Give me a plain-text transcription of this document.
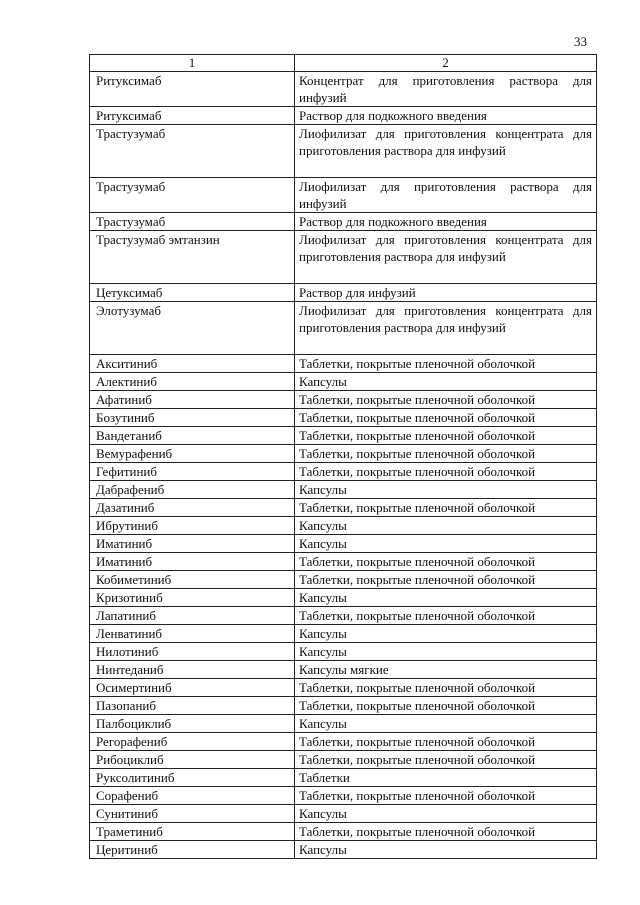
33
1	2
Ритуксимаб	Концентрат для приготовления раствора для инфузий
Ритуксимаб	Раствор для подкожного введения
Трастузумаб	Лиофилизат для приготовления концентрата для приготовления раствора для инфузий
Трастузумаб	Лиофилизат для приготовления раствора для инфузий
Трастузумаб	Раствор для подкожного введения
Трастузумаб эмтанзин	Лиофилизат для приготовления концентрата для приготовления раствора для инфузий
Цетуксимаб	Раствор для инфузий
Элотузумаб	Лиофилизат для приготовления концентрата для приготовления раствора для инфузий
Акситиниб	Таблетки, покрытые пленочной оболочкой
Алектиниб	Капсулы
Афатиниб	Таблетки, покрытые пленочной оболочкой
Бозутиниб	Таблетки, покрытые пленочной оболочкой
Вандетаниб	Таблетки, покрытые пленочной оболочкой
Вемурафениб	Таблетки, покрытые пленочной оболочкой
Гефитиниб	Таблетки, покрытые пленочной оболочкой
Дабрафениб	Капсулы
Дазатиниб	Таблетки, покрытые пленочной оболочкой
Ибрутиниб	Капсулы
Иматиниб	Капсулы
Иматиниб	Таблетки, покрытые пленочной оболочкой
Кобиметиниб	Таблетки, покрытые пленочной оболочкой
Кризотиниб	Капсулы
Лапатиниб	Таблетки, покрытые пленочной оболочкой
Ленватиниб	Капсулы
Нилотиниб	Капсулы
Нинтеданиб	Капсулы мягкие
Осимертиниб	Таблетки, покрытые пленочной оболочкой
Пазопаниб	Таблетки, покрытые пленочной оболочкой
Палбоциклиб	Капсулы
Регорафениб	Таблетки, покрытые пленочной оболочкой
Рибоциклиб	Таблетки, покрытые пленочной оболочкой
Руксолитиниб	Таблетки
Сорафениб	Таблетки, покрытые пленочной оболочкой
Сунитиниб	Капсулы
Траметиниб	Таблетки, покрытые пленочной оболочкой
Церитиниб	Капсулы
